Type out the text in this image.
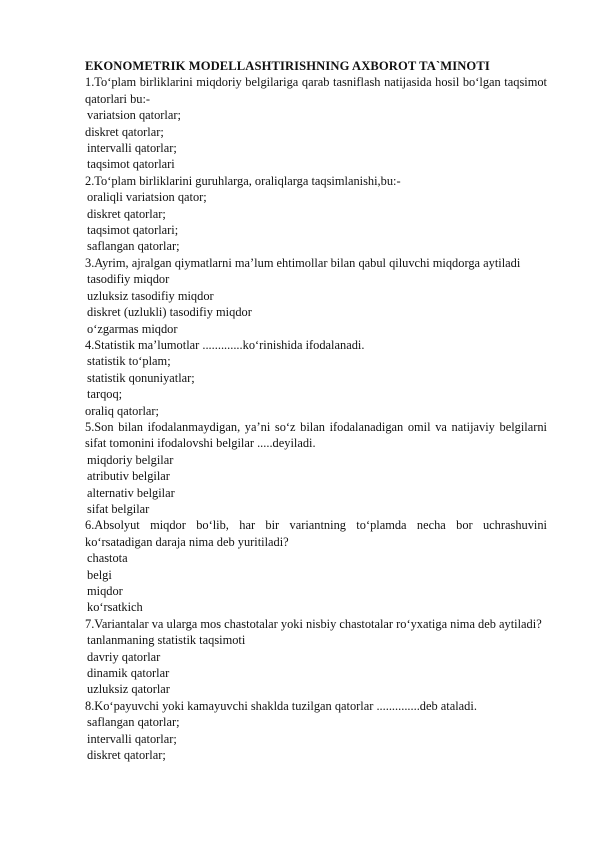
EKONOMETRIK MODELLASHTIRISHNING AXBOROT TA`MINOTI
1.To‘plam birliklarini miqdoriy belgilariga qarab tasniflash natijasida hosil bo‘lgan taqsimot qatorlari bu:-
variatsion qatorlar;
diskret qatorlar;
intervalli qatorlar;
taqsimot qatorlari
2.To‘plam birliklarini guruhlarga, oraliqlarga taqsimlanishi,bu:-
oraliqli variatsion qator;
diskret qatorlar;
taqsimot qatorlari;
saflangan qatorlar;
3.Ayrim, ajralgan qiymatlarni ma’lum ehtimollar bilan qabul qiluvchi miqdorga aytiladi
tasodifiy miqdor
uzluksiz tasodifiy miqdor
diskret (uzlukli) tasodifiy miqdor
o‘zgarmas miqdor
4.Statistik ma’lumotlar .............ko‘rinishida ifodalanadi.
statistik to‘plam;
statistik qonuniyatlar;
tarqoq;
oraliq qatorlar;
5.Son bilan ifodalanmaydigan, ya’ni so‘z bilan ifodalanadigan omil va natijaviy belgilarni sifat tomonini ifodalovshi belgilar .....deyiladi.
miqdoriy belgilar
atributiv belgilar
alternativ belgilar
sifat belgilar
6.Absolyut miqdor bo‘lib, har bir variantning to‘plamda necha bor uchrashuvini ko‘rsatadigan daraja nima deb yuritiladi?
chastota
belgi
miqdor
ko‘rsatkich
7.Variantalar va ularga mos chastotalar yoki nisbiy chastotalar ro‘yxatiga nima deb aytiladi?
tanlanmaning statistik taqsimoti
davriy qatorlar
dinamik qatorlar
uzluksiz qatorlar
8.Ko‘payuvchi yoki kamayuvchi shaklda tuzilgan qatorlar ..............deb ataladi.
saflangan qatorlar;
intervalli qatorlar;
diskret qatorlar;
